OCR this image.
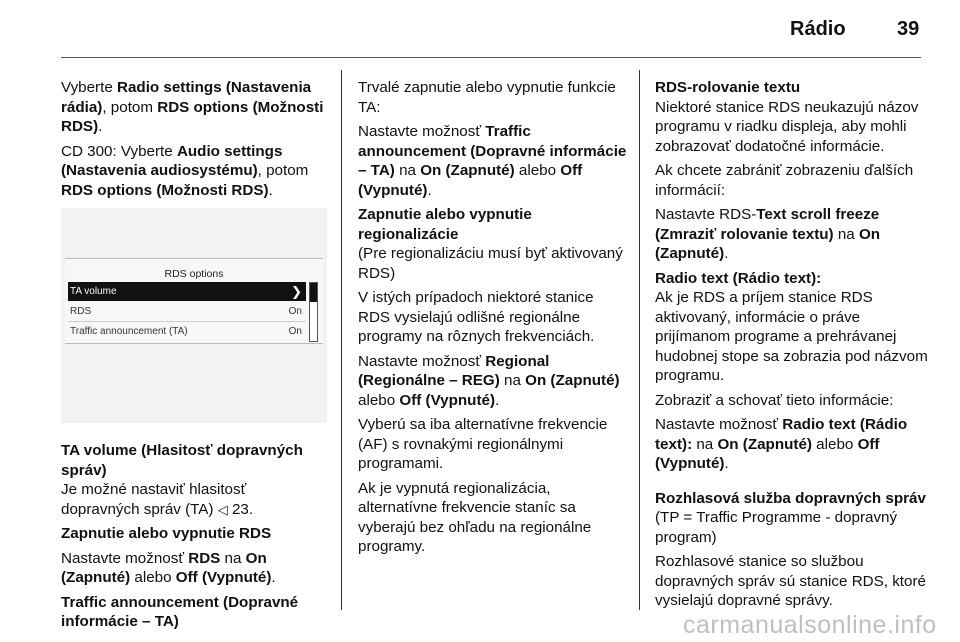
Rádio	39

Vyberte Radio settings (Nastavenia rádia), potom RDS options (Možnosti RDS).

CD 300: Vyberte Audio settings (Nastavenia audiosystému), potom RDS options (Možnosti RDS).

RDS options
TA volume	❯
RDS	On
Traffic announcement (TA)	On
TA volume (Hlasitosť dopravných správ)

Je možné nastaviť hlasitosť dopravných správ (TA) ◁ 23.

Zapnutie alebo vypnutie RDS

Nastavte možnosť RDS na On (Zapnuté) alebo Off (Vypnuté).

Traffic announcement (Dopravné informácie – TA)

Trvalé zapnutie alebo vypnutie funkcie TA:

Nastavte možnosť Traffic announcement (Dopravné informácie – TA) na On (Zapnuté) alebo Off (Vypnuté).

Zapnutie alebo vypnutie regionalizácie

(Pre regionalizáciu musí byť aktivovaný RDS)

V istých prípadoch niektoré stanice RDS vysielajú odlišné regionálne programy na rôznych frekvenciách.

Nastavte možnosť Regional (Regionálne – REG) na On (Zapnuté) alebo Off (Vypnuté).

Vyberú sa iba alternatívne frekvencie (AF) s rovnakými regionálnymi programami.

Ak je vypnutá regionalizácia, alternatívne frekvencie staníc sa vyberajú bez ohľadu na regionálne programy.

RDS-rolovanie textu

Niektoré stanice RDS neukazujú názov programu v riadku displeja, aby mohli zobrazovať dodatočné informácie.

Ak chcete zabrániť zobrazeniu ďalších informácií:

Nastavte RDS-Text scroll freeze (Zmraziť rolovanie textu) na On (Zapnuté).

Radio text (Rádio text):

Ak je RDS a príjem stanice RDS aktivovaný, informácie o práve prijímanom programe a prehrávanej hudobnej stope sa zobrazia pod názvom programu.

Zobraziť a schovať tieto informácie:

Nastavte možnosť Radio text (Rádio text): na On (Zapnuté) alebo Off (Vypnuté).

Rozhlasová služba dopravných správ

(TP = Traffic Programme - dopravný program)

Rozhlasové stanice so službou dopravných správ sú stanice RDS, ktoré vysielajú dopravné správy.

carmanualsonline.info
